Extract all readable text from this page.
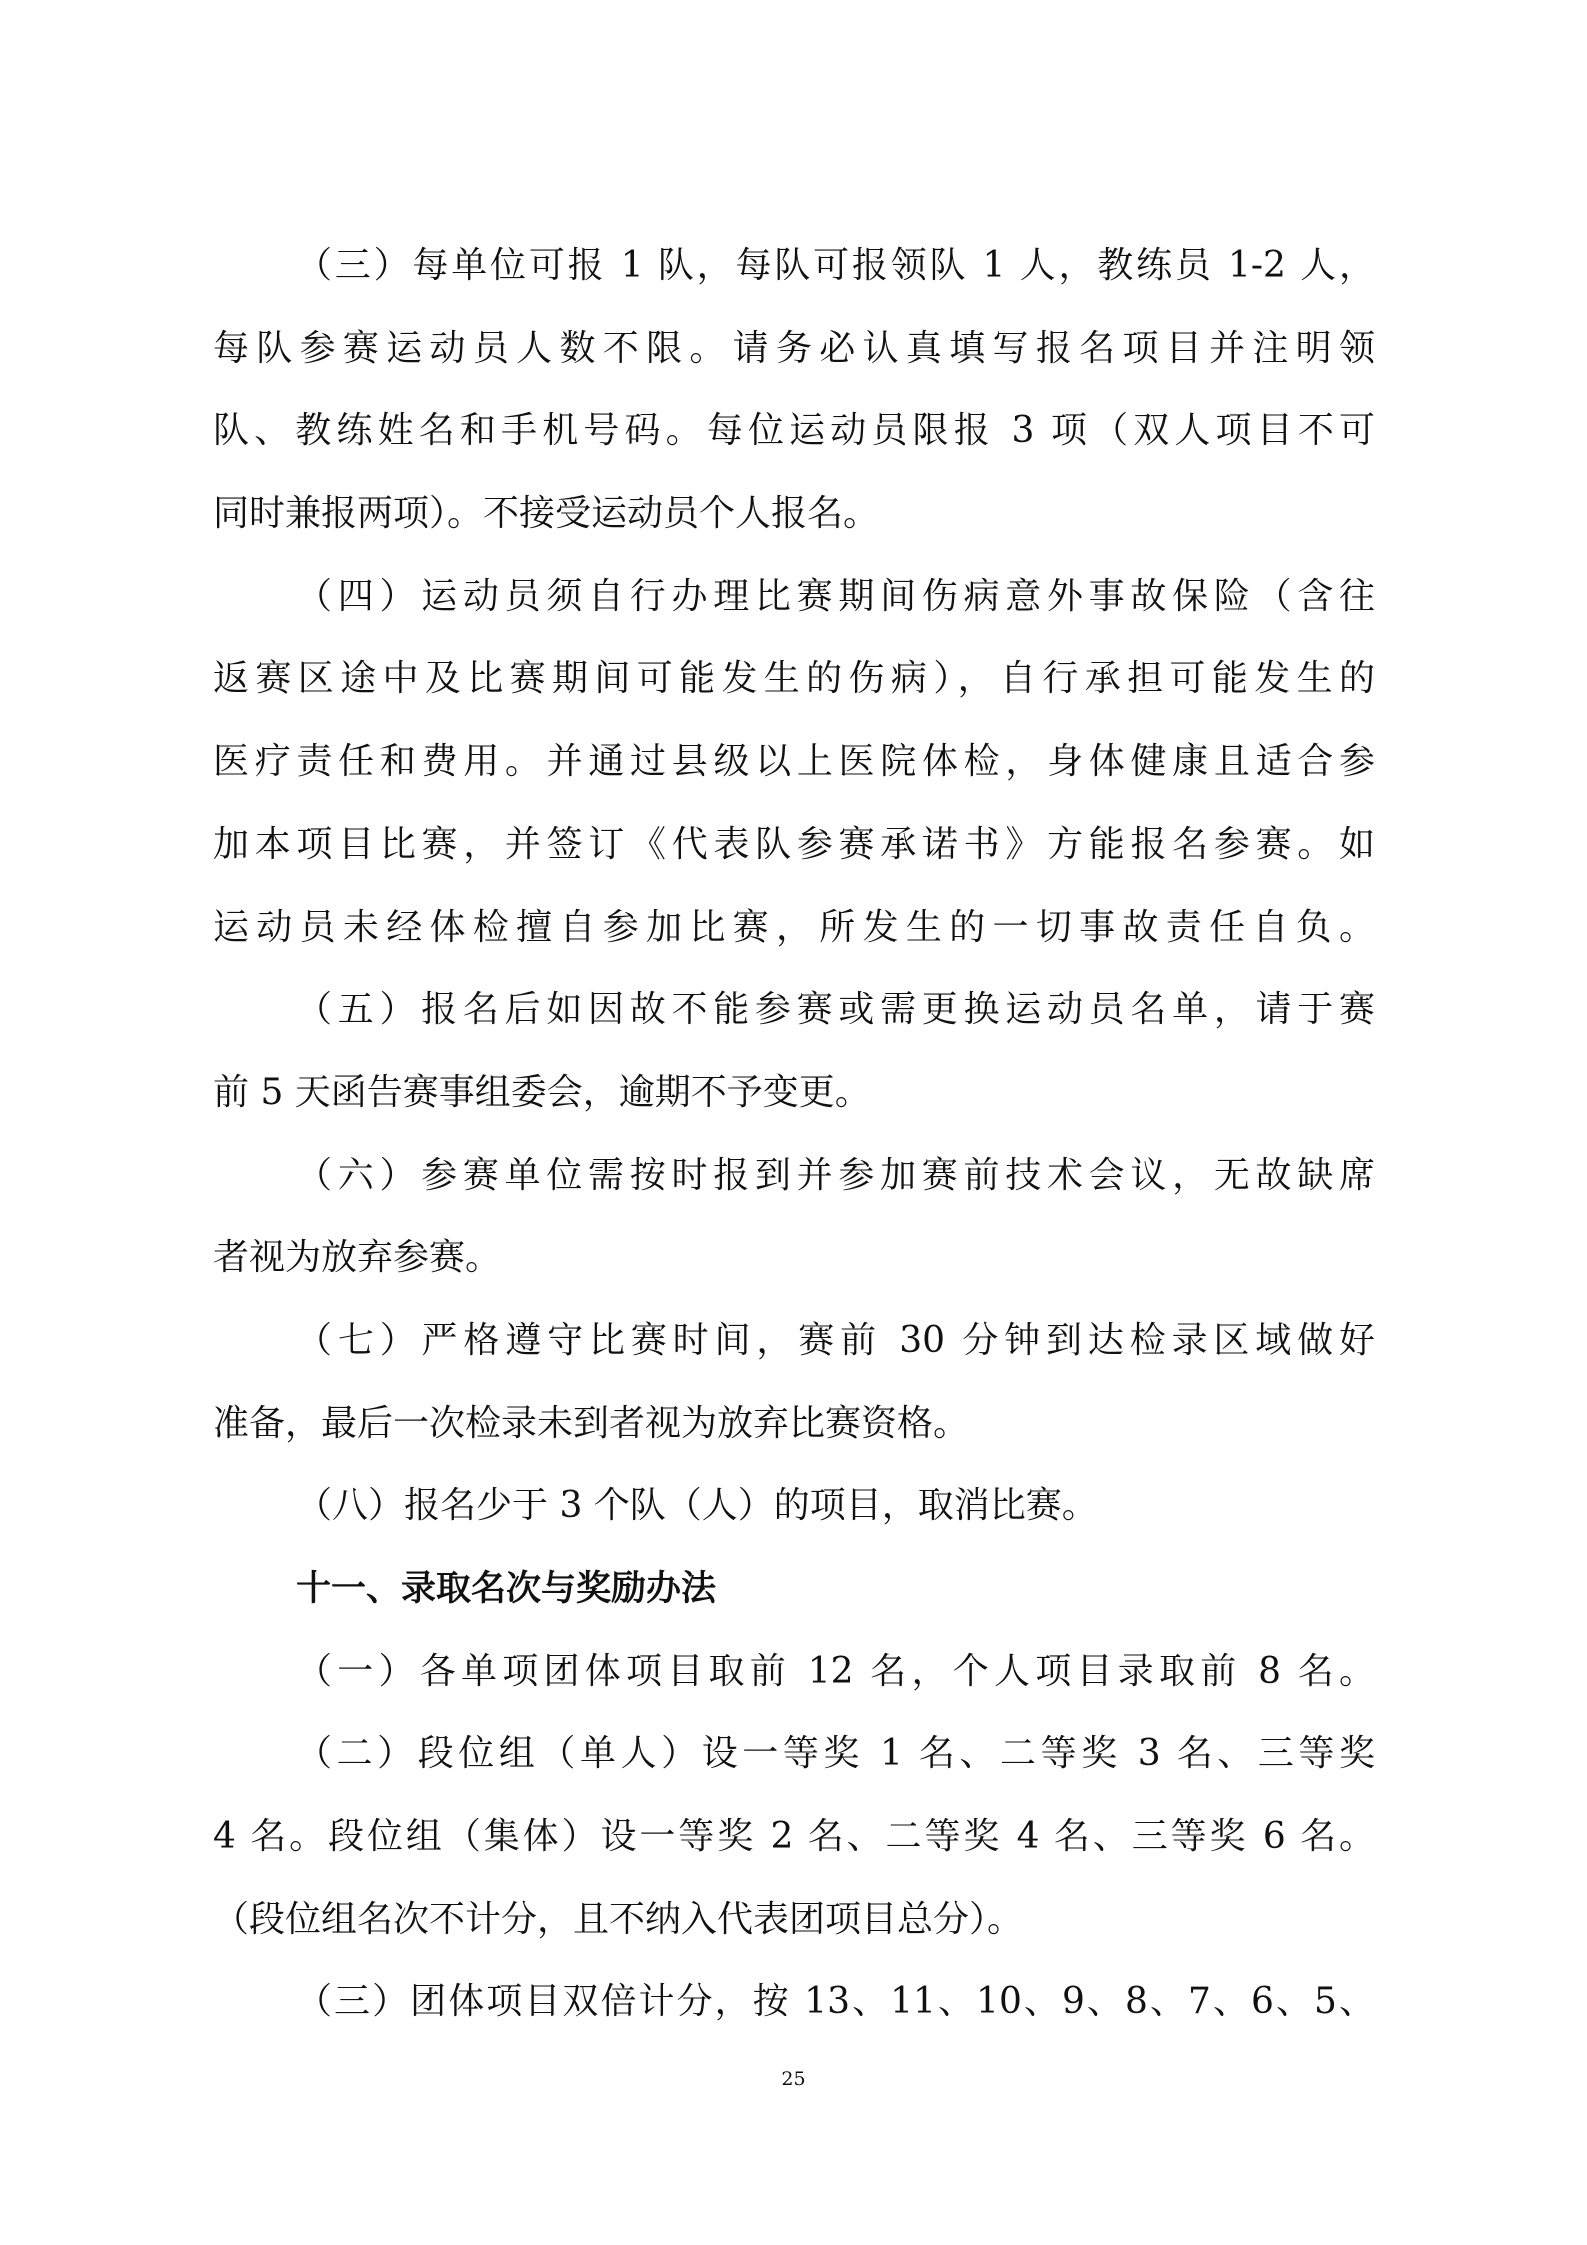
（三）每单位可报 1 队，每队可报领队 1 人，教练员 1-2 人，
每队参赛运动员人数不限。请务必认真填写报名项目并注明领
队、教练姓名和手机号码。每位运动员限报 3 项（双人项目不可
同时兼报两项）。不接受运动员个人报名。
（四）运动员须自行办理比赛期间伤病意外事故保险（含往
返赛区途中及比赛期间可能发生的伤病），自行承担可能发生的
医疗责任和费用。并通过县级以上医院体检，身体健康且适合参
加本项目比赛，并签订《代表队参赛承诺书》方能报名参赛。如
运动员未经体检擅自参加比赛，所发生的一切事故责任自负。
（五）报名后如因故不能参赛或需更换运动员名单，请于赛
前 5 天函告赛事组委会，逾期不予变更。
（六）参赛单位需按时报到并参加赛前技术会议，无故缺席
者视为放弃参赛。
（七）严格遵守比赛时间，赛前 30 分钟到达检录区域做好
准备，最后一次检录未到者视为放弃比赛资格。
（八）报名少于 3 个队（人）的项目，取消比赛。
十一、录取名次与奖励办法
（一）各单项团体项目取前 12 名，个人项目录取前 8 名。
（二）段位组（单人）设一等奖 1 名、二等奖 3 名、三等奖
4 名。段位组（集体）设一等奖 2 名、二等奖 4 名、三等奖 6 名。
（段位组名次不计分，且不纳入代表团项目总分）。
（三）团体项目双倍计分，按 13、11、10、9、8、7、6、5、
25
